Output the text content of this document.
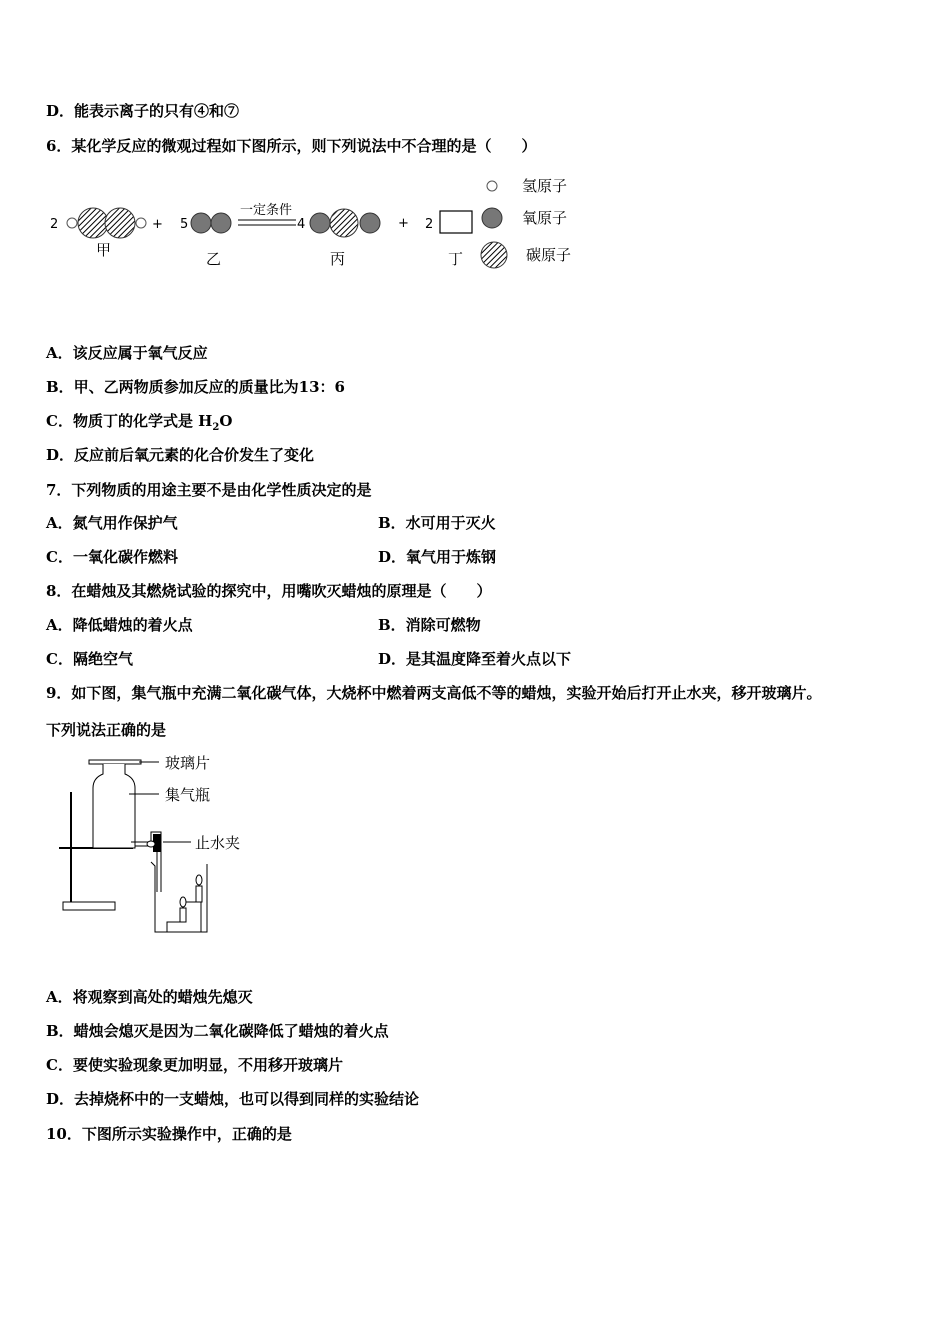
D．能表示离子的只有④和⑦
6．某化学反应的微观过程如下图所示，则下列说法中不合理的是（　　）
2	+
甲
5
乙
一定条件
4
丙
+ 2
丁
氢原子
氧原子
碳原子
A．该反应属于氧气反应
B．甲、乙两物质参加反应的质量比为13：6
C．物质丁的化学式是 $H_2O$
D．反应前后氧元素的化合价发生了变化
7．下列物质的用途主要不是由化学性质决定的是
A．氮气用作保护气	B．水可用于灭火
C．一氧化碳作燃料	D．氧气用于炼钢
8．在蜡烛及其燃烧试验的探究中，用嘴吹灭蜡烛的原理是（　　）
A．降低蜡烛的着火点	B．消除可燃物
C．隔绝空气	D．是其温度降至着火点以下
9．如下图，集气瓶中充满二氧化碳气体，大烧杯中燃着两支高低不等的蜡烛，实验开始后打开止水夹，移开玻璃片。
下列说法正确的是
玻璃片
集气瓶
止水夹
A．将观察到高处的蜡烛先熄灭
B．蜡烛会熄灭是因为二氧化碳降低了蜡烛的着火点
C．要使实验现象更加明显，不用移开玻璃片
D．去掉烧杯中的一支蜡烛，也可以得到同样的实验结论
10．下图所示实验操作中，正确的是
